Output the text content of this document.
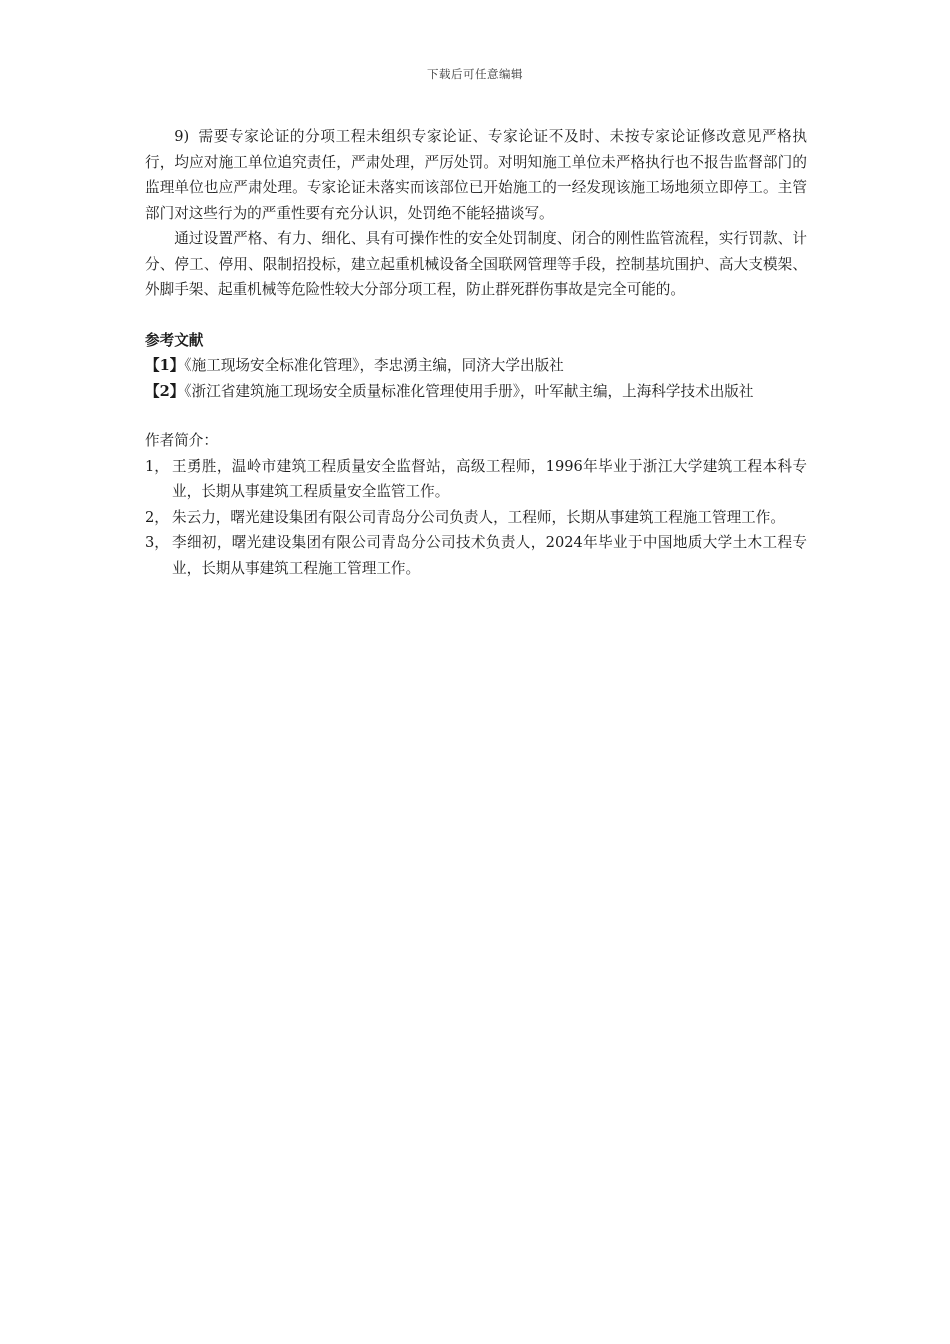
下载后可任意编辑

9) 需要专家论证的分项工程未组织专家论证、专家论证不及时、未按专家论证修改意见严格执行，均应对施工单位追究责任，严肃处理，严厉处罚。对明知施工单位未严格执行也不报告监督部门的监理单位也应严肃处理。专家论证未落实而该部位已开始施工的一经发现该施工场地须立即停工。主管部门对这些行为的严重性要有充分认识，处罚绝不能轻描谈写。

通过设置严格、有力、细化、具有可操作性的安全处罚制度、闭合的刚性监管流程，实行罚款、计分、停工、停用、限制招投标，建立起重机械设备全国联网管理等手段，控制基坑围护、高大支模架、外脚手架、起重机械等危险性较大分部分项工程，防止群死群伤事故是完全可能的。

参考文献

【1】《施工现场安全标准化管理》，李忠湧主编，同济大学出版社

【2】《浙江省建筑施工现场安全质量标准化管理使用手册》，叶军献主编，上海科学技术出版社

作者简介：

1， 王勇胜，温岭市建筑工程质量安全监督站，高级工程师，1996年毕业于浙江大学建筑工程本科专业，长期从事建筑工程质量安全监管工作。
2， 朱云力，曙光建设集团有限公司青岛分公司负责人，工程师，长期从事建筑工程施工管理工作。
3， 李细初，曙光建设集团有限公司青岛分公司技术负责人，2024年毕业于中国地质大学土木工程专业，长期从事建筑工程施工管理工作。
